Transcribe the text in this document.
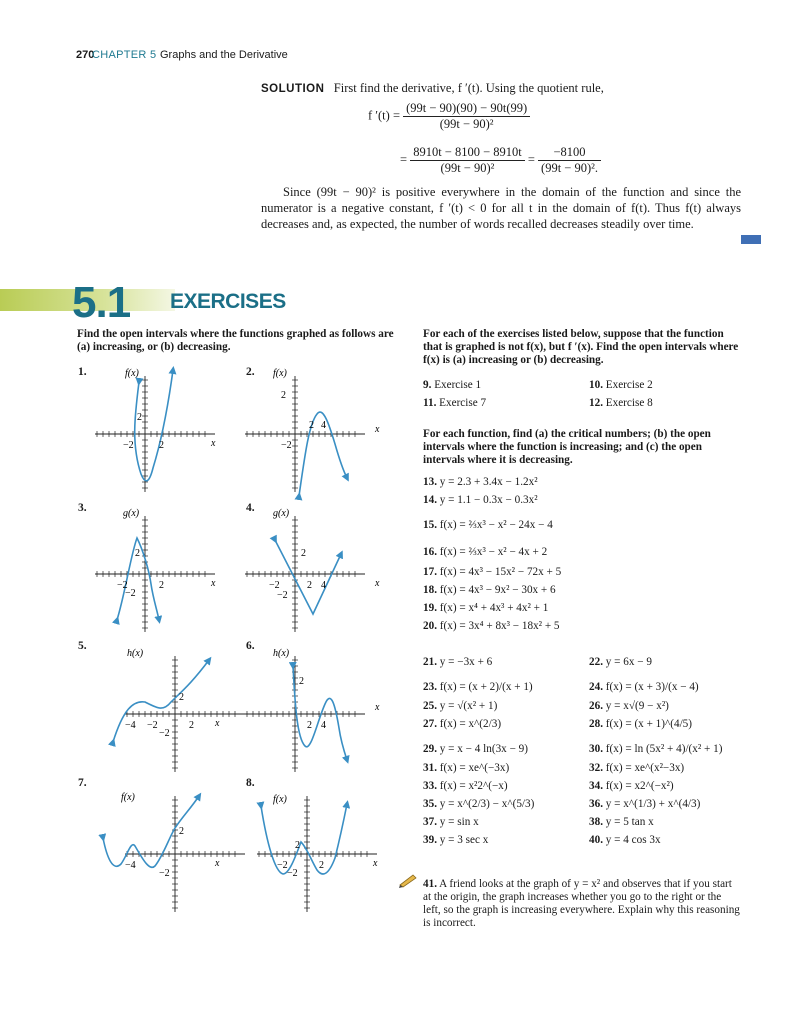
270
CHAPTER 5 Graphs and the Derivative
SOLUTION First find the derivative, f ′(t). Using the quotient rule,
f $'(t) = \frac{(99t - 90)(90) - 90t(99)}{\text{(99t − 90)²}}$
= $\frac{8910t - 8100 - 8910t}{\text{(99t − 90)²}} = \frac{-8100}{\text{(99t − 90)².}}$
Since (99t − 90)² is positive everywhere in the domain of the function and since the numerator is a negative constant, f ′(t) < 0 for all t in the domain of f(t). Thus f(t) always decreases and, as expected, the number of words recalled decreases steadily over time.
5.1 EXERCISES
Find the open intervals where the functions graphed as follows are (a) increasing, or (b) decreasing.
1.	2.
3.	4.
5.	6.
7.	8.
f(x)
−2	2
2
x
f(x)
2
−2
2 4	x
g(x)
−2
−2
2
2
x
g(x)
−2
−2
2
2 4	x
h(x)
−4 −2
−2
2
2
x
h(x)
2
2 4
x
f(x)
−4
−2
2
x
f(x)
−2
−2
2
2	x
For each of the exercises listed below, suppose that the function that is graphed is not f(x), but f ′(x). Find the open intervals where f(x) is (a) increasing or (b) decreasing.
9. Exercise 1	10. Exercise 2
11. Exercise 7	12. Exercise 8
For each function, find (a) the critical numbers; (b) the open intervals where the function is increasing; and (c) the open intervals where it is decreasing.
13. y = 2.3 + 3.4x − 1.2x²
14. y = 1.1 − 0.3x − 0.3x²
15. f(x) = ⅔x³ − x² − 24x − 4
16. f(x) = ⅔x³ − x² − 4x + 2
17. f(x) = 4x³ − 15x² − 72x + 5
18. f(x) = 4x³ − 9x² − 30x + 6
19. f(x) = x⁴ + 4x³ + 4x² + 1
20. f(x) = 3x⁴ + 8x³ − 18x² + 5
21. y = −3x + 6	22. y = 6x − 9
23. f(x) = (x + 2)/(x + 1)	24. f(x) = (x + 3)/(x − 4)
25. y = √(x² + 1)	26. y = x√(9 − x²)
27. f(x) = x^(2/3)	28. f(x) = (x + 1)^(4/5)
29. y = x − 4 ln(3x − 9)	30. f(x) = ln (5x² + 4)/(x² + 1)
31. f(x) = xe^(−3x)	32. f(x) = xe^(x²−3x)
33. f(x) = x²2^(−x)	34. f(x) = x2^(−x²)
35. y = x^(2/3) − x^(5/3)	36. y = x^(1/3) + x^(4/3)
37. y = sin x	38. y = 5 tan x
39. y = 3 sec x	40. y = 4 cos 3x
41. A friend looks at the graph of y = x² and observes that if you start at the origin, the graph increases whether you go to the right or the left, so the graph is increasing everywhere. Explain why this reasoning is incorrect.
